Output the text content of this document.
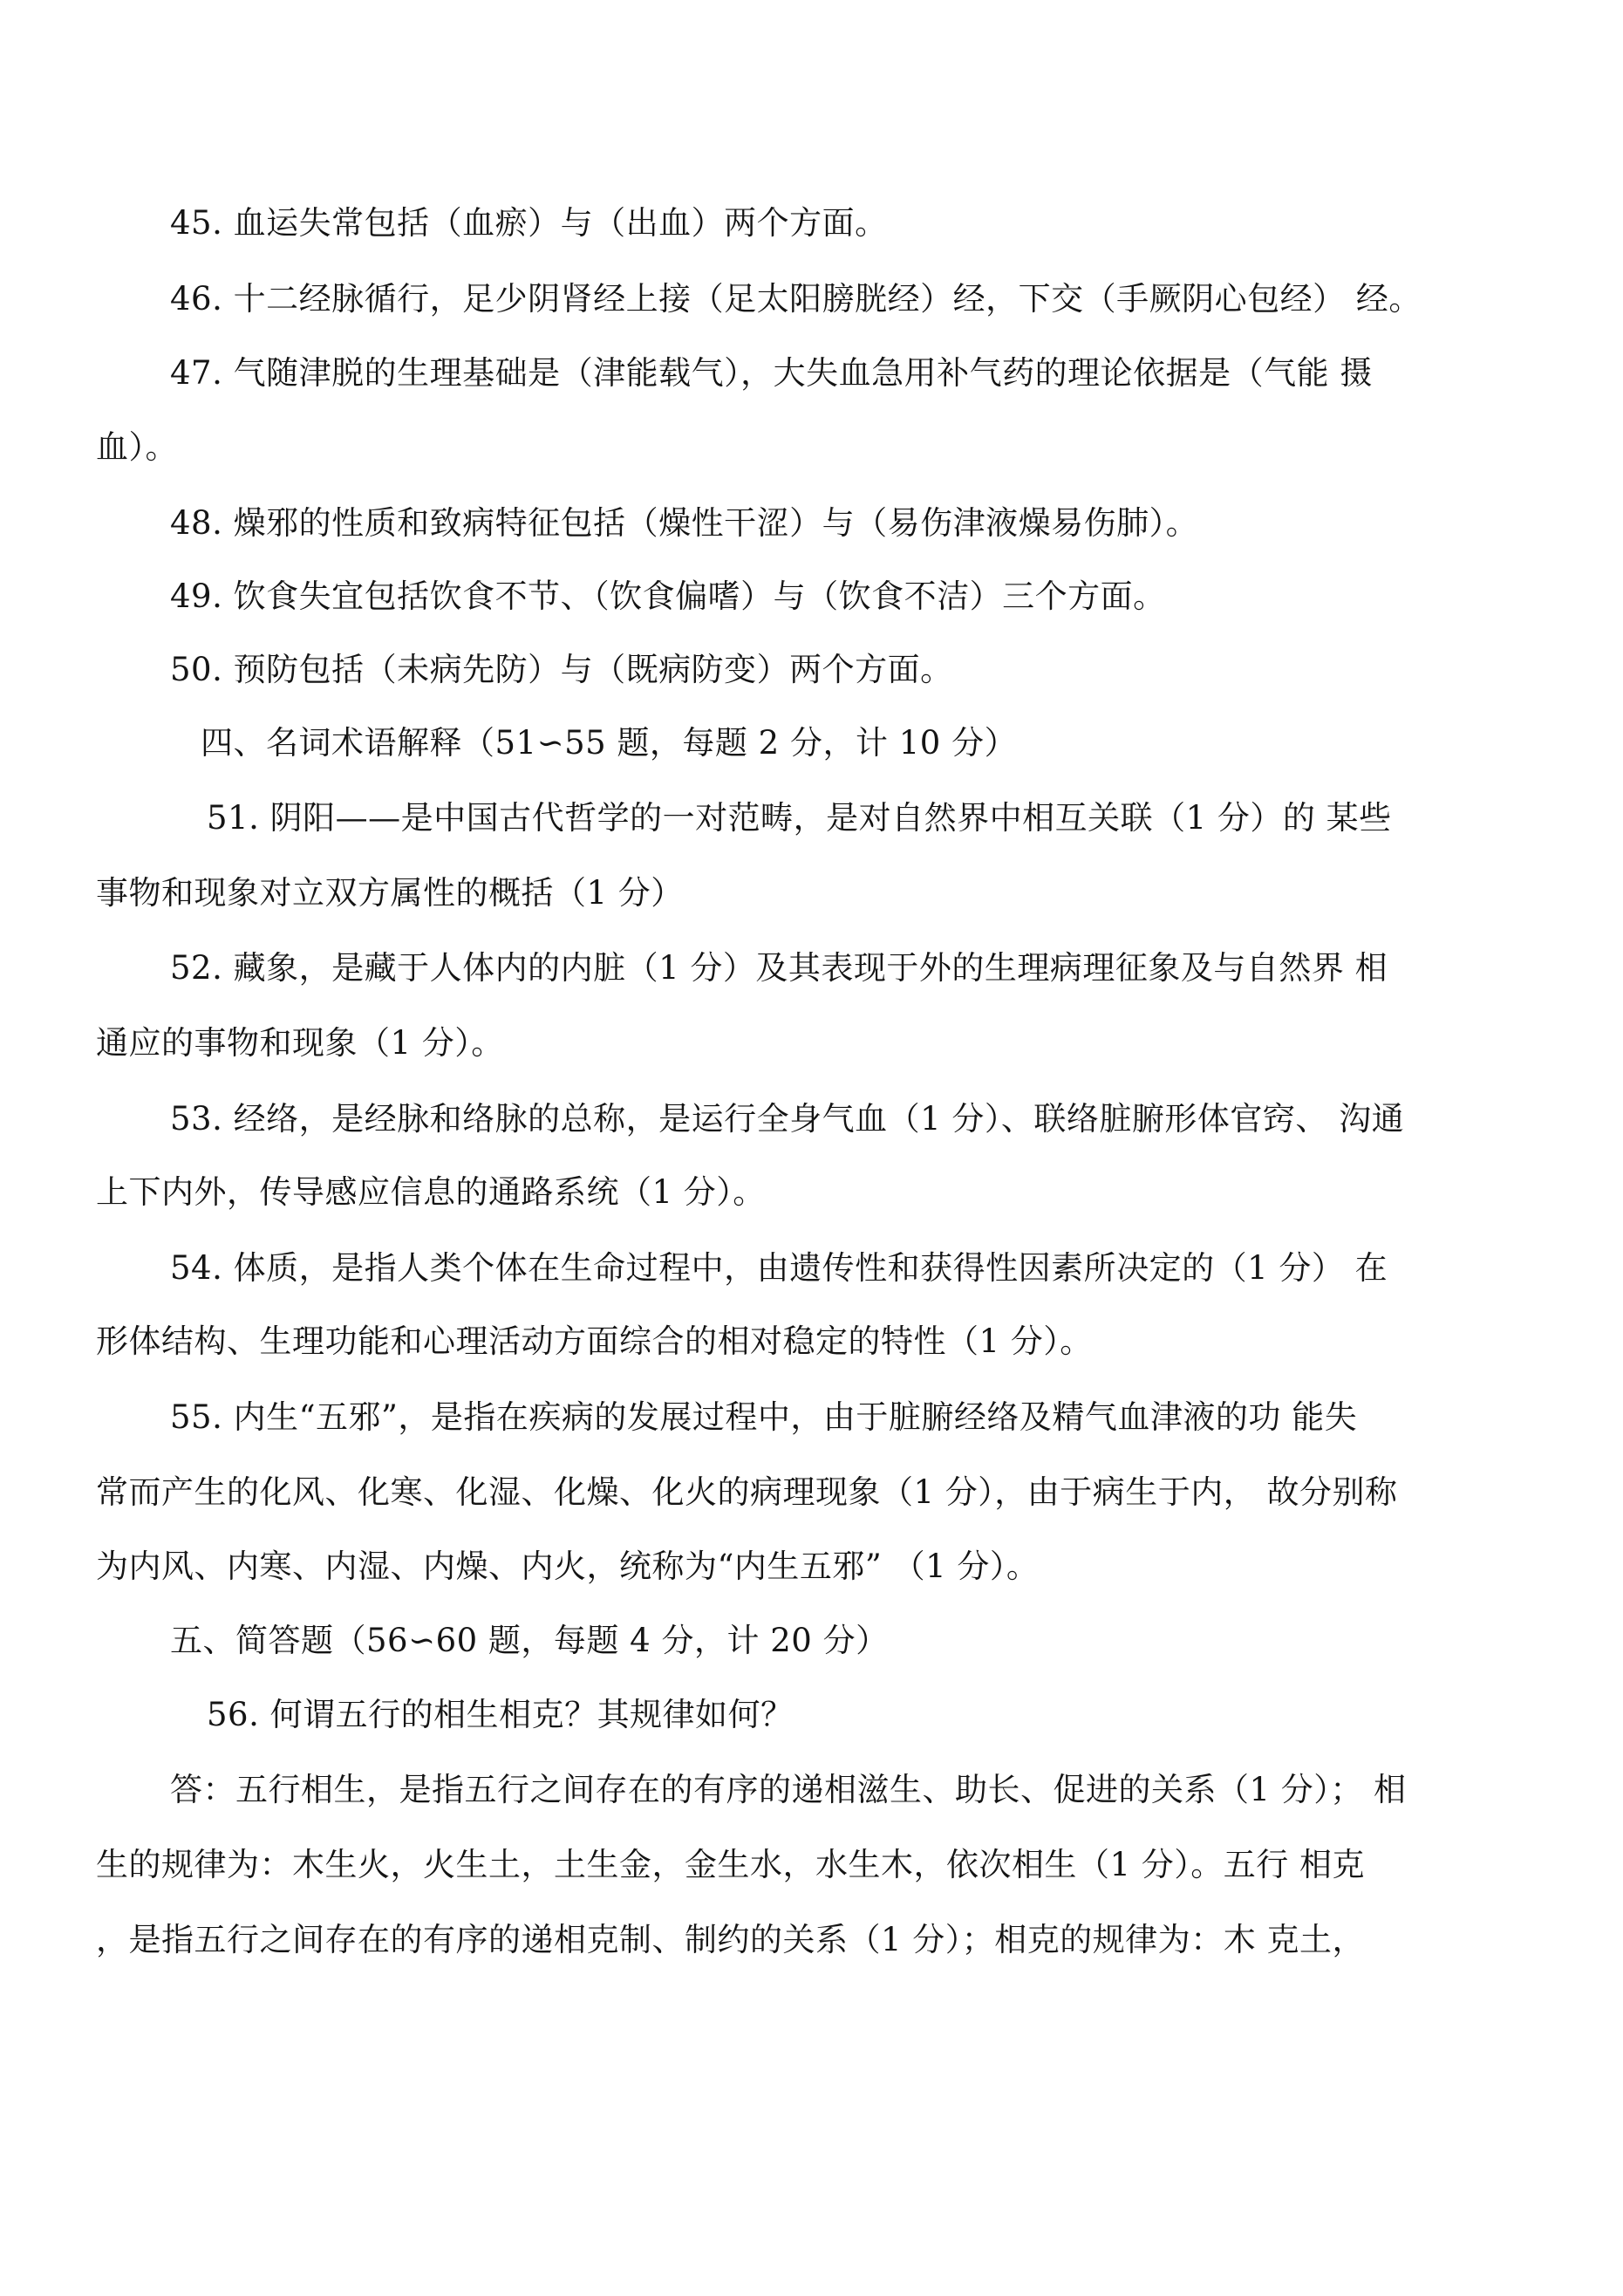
45. 血运失常包括（血瘀）与（出血）两个方面。
46. 十二经脉循行，足少阴肾经上接（足太阳膀胱经）经，下交（手厥阴心包经） 经。
47. 气随津脱的生理基础是（津能载气），大失血急用补气药的理论依据是（气能 摄
血）。
48. 燥邪的性质和致病特征包括（燥性干涩）与（易伤津液燥易伤肺）。
49. 饮食失宜包括饮食不节、（饮食偏嗜）与（饮食不洁）三个方面。
50. 预防包括（未病先防）与（既病防变）两个方面。
四、名词术语解释（51∽55 题，每题 2 分，计 10 分）
51. 阴阳——是中国古代哲学的一对范畴，是对自然界中相互关联（1 分）的 某些
事物和现象对立双方属性的概括（1 分）
52. 藏象，是藏于人体内的内脏（1 分）及其表现于外的生理病理征象及与自然界 相
通应的事物和现象（1 分）。
53. 经络，是经脉和络脉的总称，是运行全身气血（1 分）、联络脏腑形体官窍、 沟通
上下内外，传导感应信息的通路系统（1 分）。
54. 体质，是指人类个体在生命过程中，由遗传性和获得性因素所决定的（1 分） 在
形体结构、生理功能和心理活动方面综合的相对稳定的特性（1 分）。
55. 内生“五邪”，是指在疾病的发展过程中，由于脏腑经络及精气血津液的功 能失
常而产生的化风、化寒、化湿、化燥、化火的病理现象（1 分），由于病生于内， 故分别称
为内风、内寒、内湿、内燥、内火，统称为“内生五邪” （1 分）。
五、简答题（56∽60 题，每题 4 分，计 20 分）
56. 何谓五行的相生相克？其规律如何？
答：五行相生，是指五行之间存在的有序的递相滋生、助长、促进的关系（1 分）； 相
生的规律为：木生火，火生土，土生金，金生水，水生木，依次相生（1 分）。五行 相克
，是指五行之间存在的有序的递相克制、制约的关系（1 分）；相克的规律为：木 克土，
